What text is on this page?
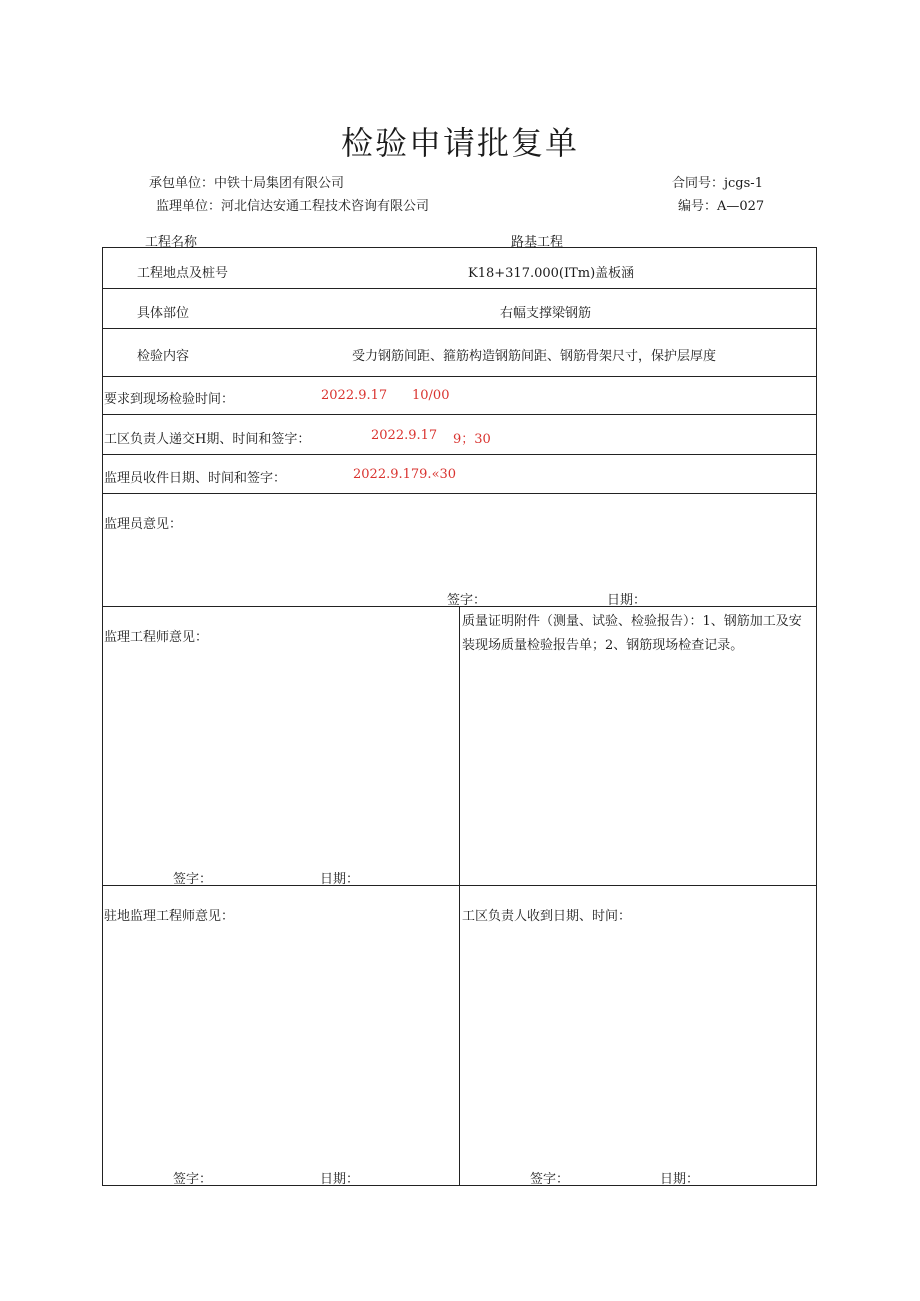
检验申请批复单
承包单位：中铁十局集团有限公司	合同号：jcgs-1
监理单位：河北信达安通工程技术咨询有限公司	编号：A—027
工程名称	路基工程
工程地点及桩号	K18+317.000(ITm)盖板涵
具体部位	右幅支撑梁钢筋
检验内容	受力钢筋间距、箍筋构造钢筋间距、钢筋骨架尺寸，保护层厚度
要求到现场检验时间：	2022.9.17 10/00
工区负责人递交H期、时间和签字：	2022.9.17 9；30
监理员收件日期、时间和签字：	2022.9.179.«30
监理员意见：
签字：	日期：
监理工程师意见：
签字：	日期：
质量证明附件（测量、试验、检验报告）：1、钢筋加工及安装现场质量检验报告单；2、钢筋现场检查记录。
驻地监理工程师意见：
签字：	日期：
工区负责人收到日期、时间：
签字：	日期：
